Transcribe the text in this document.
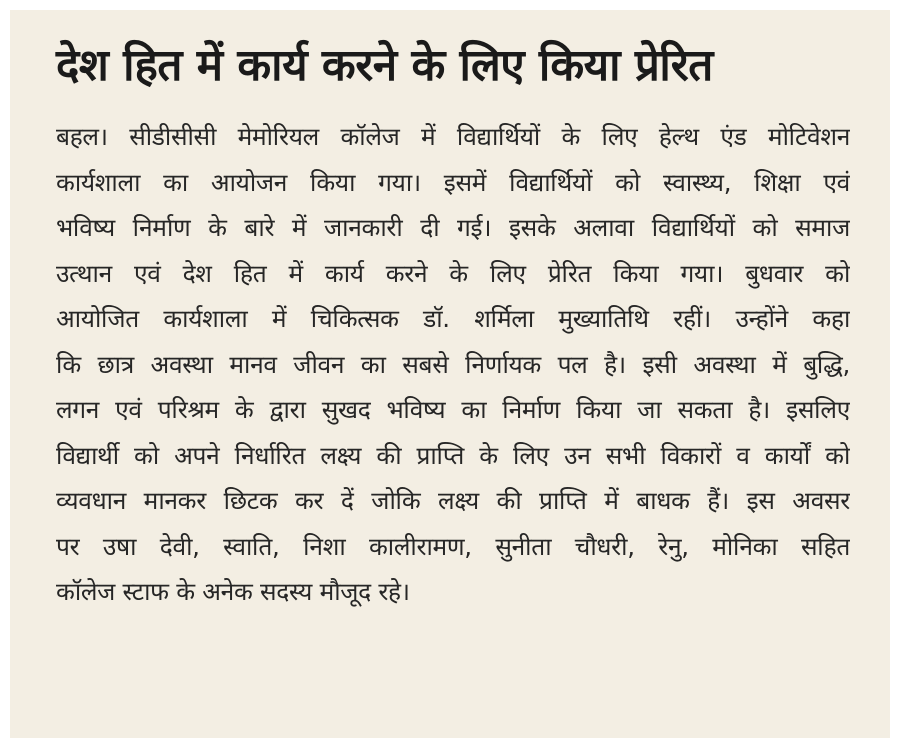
देश हित में कार्य करने के लिए किया प्रेरित
बहल। सीडीसीसी मेमोरियल कॉलेज में विद्यार्थियों के लिए हेल्थ एंड मोटिवेशन
कार्यशाला का आयोजन किया गया। इसमें विद्यार्थियों को स्वास्थ्य, शिक्षा एवं
भविष्य निर्माण के बारे में जानकारी दी गई। इसके अलावा विद्यार्थियों को समाज
उत्थान एवं देश हित में कार्य करने के लिए प्रेरित किया गया। बुधवार को
आयोजित कार्यशाला में चिकित्सक डॉ. शर्मिला मुख्यातिथि रहीं। उन्होंने कहा
कि छात्र अवस्था मानव जीवन का सबसे निर्णायक पल है। इसी अवस्था में बुद्धि,
लगन एवं परिश्रम के द्वारा सुखद भविष्य का निर्माण किया जा सकता है। इसलिए
विद्यार्थी को अपने निर्धारित लक्ष्य की प्राप्ति के लिए उन सभी विकारों व कार्यों को
व्यवधान मानकर छिटक कर दें जोकि लक्ष्य की प्राप्ति में बाधक हैं। इस अवसर
पर उषा देवी, स्वाति, निशा कालीरामण, सुनीता चौधरी, रेनु, मोनिका सहित
कॉलेज स्टाफ के अनेक सदस्य मौजूद रहे।
